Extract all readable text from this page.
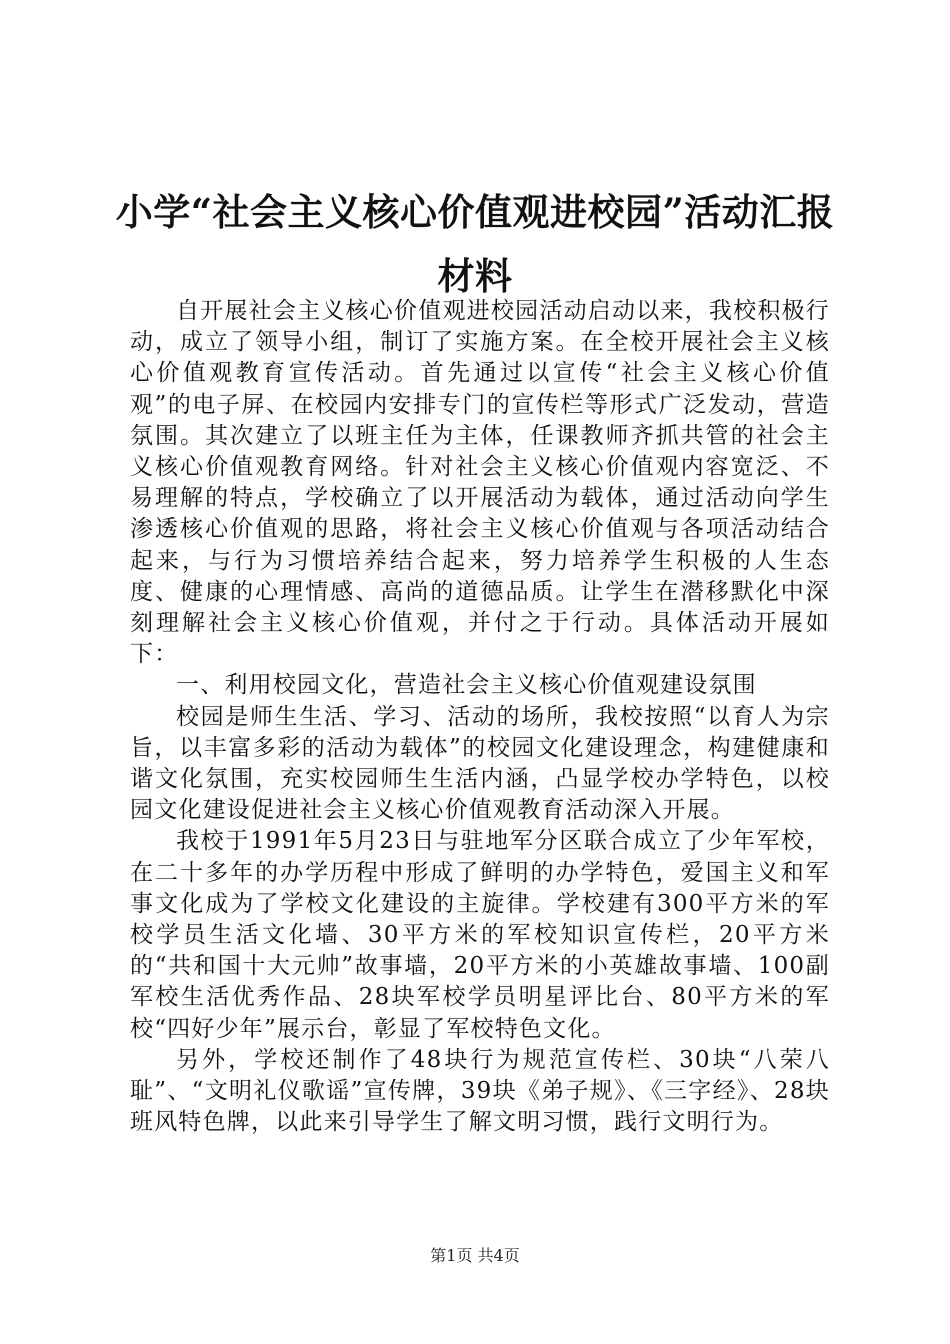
小学“社会主义核心价值观进校园”活动汇报材料

自开展社会主义核心价值观进校园活动启动以来，我校积极行动，成立了领导小组，制订了实施方案。在全校开展社会主义核心价值观教育宣传活动。首先通过以宣传“社会主义核心价值观”的电子屏、在校园内安排专门的宣传栏等形式广泛发动，营造氛围。其次建立了以班主任为主体，任课教师齐抓共管的社会主义核心价值观教育网络。针对社会主义核心价值观内容宽泛、不易理解的特点，学校确立了以开展活动为载体，通过活动向学生渗透核心价值观的思路，将社会主义核心价值观与各项活动结合起来，与行为习惯培养结合起来，努力培养学生积极的人生态度、健康的心理情感、高尚的道德品质。让学生在潜移默化中深刻理解社会主义核心价值观，并付之于行动。具体活动开展如下：

一、利用校园文化，营造社会主义核心价值观建设氛围

校园是师生生活、学习、活动的场所，我校按照“以育人为宗旨，以丰富多彩的活动为载体”的校园文化建设理念，构建健康和谐文化氛围，充实校园师生生活内涵，凸显学校办学特色，以校园文化建设促进社会主义核心价值观教育活动深入开展。

我校于1991年5月23日与驻地军分区联合成立了少年军校，在二十多年的办学历程中形成了鲜明的办学特色，爱国主义和军事文化成为了学校文化建设的主旋律。学校建有300平方米的军校学员生活文化墙、30平方米的军校知识宣传栏，20平方米的“共和国十大元帅”故事墙，20平方米的小英雄故事墙、100副军校生活优秀作品、28块军校学员明星评比台、80平方米的军校“四好少年”展示台，彰显了军校特色文化。

另外，学校还制作了48块行为规范宣传栏、30块“八荣八耻”、“文明礼仪歌谣”宣传牌，39块《弟子规》、《三字经》、28块班风特色牌，以此来引导学生了解文明习惯，践行文明行为。

第1页 共4页
